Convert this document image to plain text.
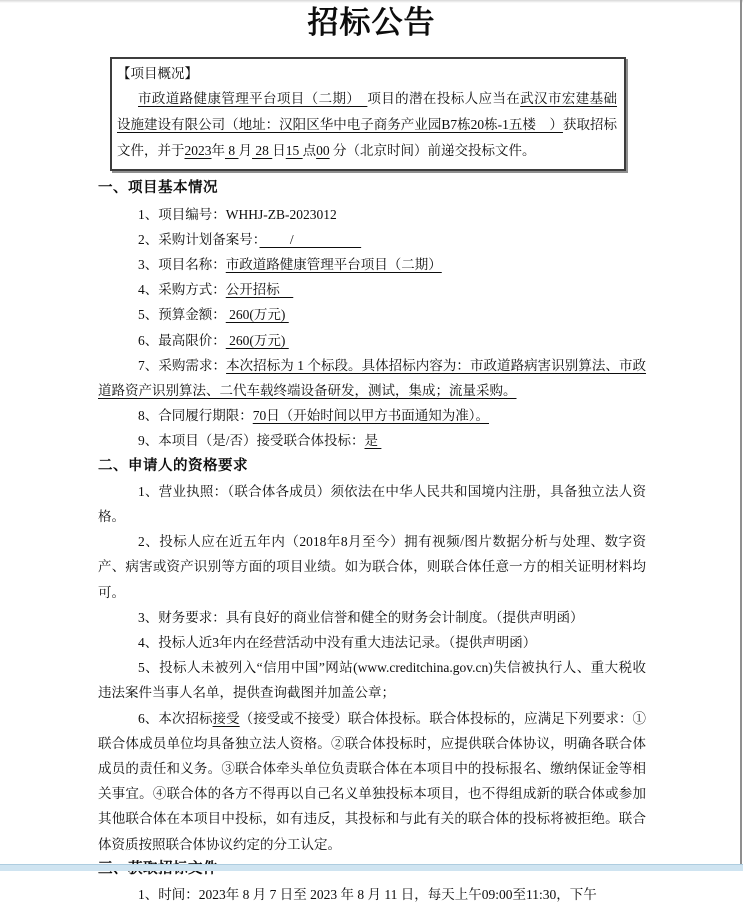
招标公告
【项目概况】

市政道路健康管理平台项目（二期）　项目的潜在投标人应当在武汉市宏建基础设施建设有限公司（地址：汉阳区华中电子商务产业园B7栋20栋-1五楼　）获取招标文件，并于2023年 8 月 28 日15 点00 分（北京时间）前递交投标文件。

一、项目基本情况

1、项目编号：WHHJ-ZB-2023012

2、采购计划备案号：　　 /　　　　　

3、项目名称：市政道路健康管理平台项目（二期）

4、采购方式：公开招标　

5、预算金额： 260(万元)

6、最高限价： 260(万元)

7、采购需求：本次招标为 1 个标段。具体招标内容为：市政道路病害识别算法、市政道路资产识别算法、二代车载终端设备研发，测试，集成；流量采购。

8、合同履行期限：70日（开始时间以甲方书面通知为准）。

9、本项目（是/否）接受联合体投标：是

二、申请人的资格要求

1、营业执照：（联合体各成员）须依法在中华人民共和国境内注册，具备独立法人资格。

2、投标人应在近五年内（2018年8月至今）拥有视频/图片数据分析与处理、数字资产、病害或资产识别等方面的项目业绩。如为联合体，则联合体任意一方的相关证明材料均可。

3、财务要求：具有良好的商业信誉和健全的财务会计制度。（提供声明函）

4、投标人近3年内在经营活动中没有重大违法记录。（提供声明函）

5、投标人未被列入“信用中国”网站(www.creditchina.gov.cn)失信被执行人、重大税收违法案件当事人名单，提供查询截图并加盖公章；

6、本次招标接受（接受或不接受）联合体投标。联合体投标的，应满足下列要求：①联合体成员单位均具备独立法人资格。②联合体投标时，应提供联合体协议，明确各联合体成员的责任和义务。③联合体牵头单位负责联合体在本项目中的投标报名、缴纳保证金等相关事宜。④联合体的各方不得再以自己名义单独投标本项目，也不得组成新的联合体或参加其他联合体在本项目中投标，如有违反，其投标和与此有关的联合体的投标将被拒绝。联合体资质按照联合体协议约定的分工认定。

1、时间：2023年 8 月 7 日至 2023 年 8 月 11 日，每天上午09:00至11:30，下午
